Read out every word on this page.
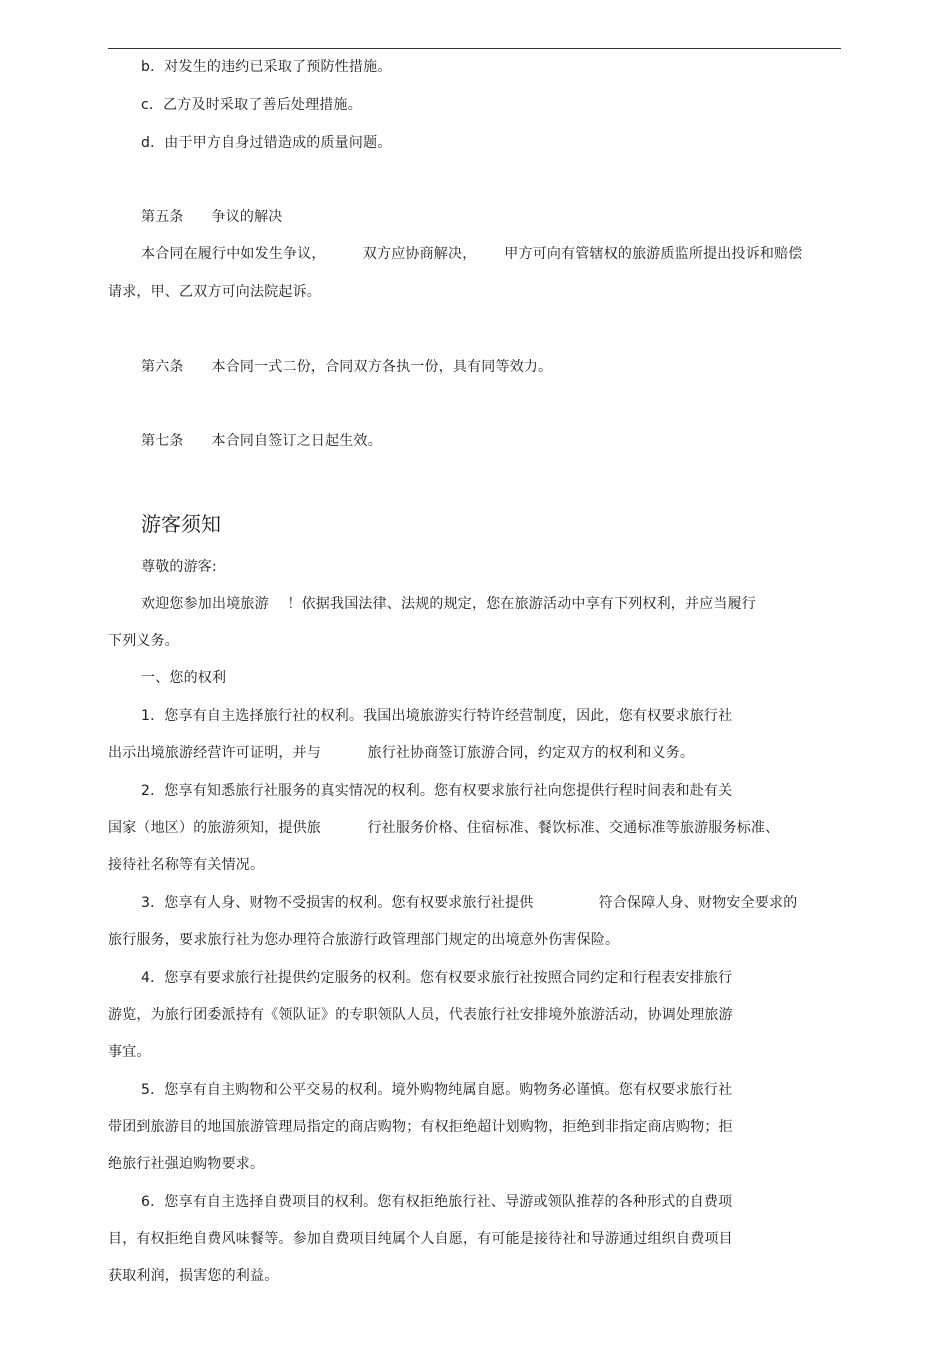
b．对发生的违约已采取了预防性措施。
c．乙方及时采取了善后处理措施。
d．由于甲方自身过错造成的质量问题。
第五条      争议的解决
本合同在履行中如发生争议，        双方应协商解决，      甲方可向有管辖权的旅游质监所提出投诉和赔偿
请求，甲、乙双方可向法院起诉。
第六条      本合同一式二份，合同双方各执一份，具有同等效力。
第七条      本合同自签订之日起生效。
游客须知
尊敬的游客:
欢迎您参加出境旅游    ！依据我国法律、法规的规定，您在旅游活动中享有下列权利，并应当履行
下列义务。
一、您的权利
1．您享有自主选择旅行社的权利。我国出境旅游实行特许经营制度，因此，您有权要求旅行社
出示出境旅游经营许可证明，并与          旅行社协商签订旅游合同，约定双方的权利和义务。
2．您享有知悉旅行社服务的真实情况的权利。您有权要求旅行社向您提供行程时间表和赴有关
国家（地区）的旅游须知，提供旅          行社服务价格、住宿标准、餐饮标准、交通标准等旅游服务标准、
接待社名称等有关情况。
3．您享有人身、财物不受损害的权利。您有权要求旅行社提供              符合保障人身、财物安全要求的
旅行服务，要求旅行社为您办理符合旅游行政管理部门规定的出境意外伤害保险。
4．您享有要求旅行社提供约定服务的权利。您有权要求旅行社按照合同约定和行程表安排旅行
游览，为旅行团委派持有《领队证》的专职领队人员，代表旅行社安排境外旅游活动，协调处理旅游
事宜。
5．您享有自主购物和公平交易的权利。境外购物纯属自愿。购物务必谨慎。您有权要求旅行社
带团到旅游目的地国旅游管理局指定的商店购物；有权拒绝超计划购物，拒绝到非指定商店购物；拒
绝旅行社强迫购物要求。
6．您享有自主选择自费项目的权利。您有权拒绝旅行社、导游或领队推荐的各种形式的自费项
目，有权拒绝自费风味餐等。参加自费项目纯属个人自愿，有可能是接待社和导游通过组织自费项目
获取利润，损害您的利益。
